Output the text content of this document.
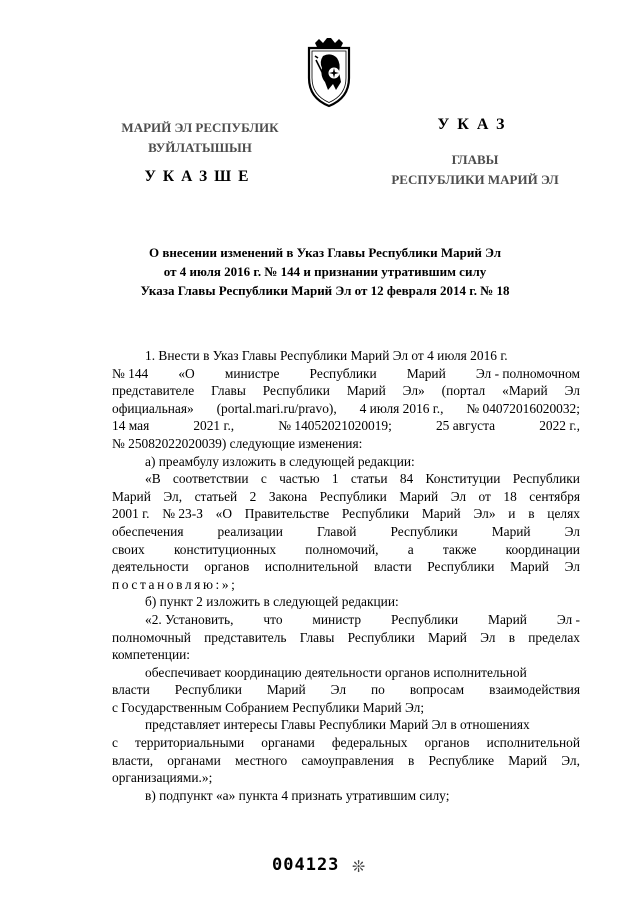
МАРИЙ ЭЛ РЕСПУБЛИК
ВУЙЛАТЫШЫН
УКАЗШЕ
УКАЗ
ГЛАВЫ
РЕСПУБЛИКИ МАРИЙ ЭЛ
О внесении изменений в Указ Главы Республики Марий Эл
от 4 июля 2016 г. № 144 и признании утратившим силу
Указа Главы Республики Марий Эл от 12 февраля 2014 г. № 18
1. Внести в Указ Главы Республики Марий Эл от 4 июля 2016 г.
№ 144 «О министре Республики Марий Эл - полномочном
представителе Главы Республики Марий Эл» (портал «Марий Эл
официальная» (portal.mari.ru/pravo), 4 июля 2016 г., № 04072016020032;
14 мая	2021 г.,	№ 14052021020019;	25 августа	2022 г.,
№ 25082022020039) следующие изменения:
а) преамбулу изложить в следующей редакции:
«В соответствии с частью 1 статьи 84 Конституции Республики
Марий Эл, статьей 2 Закона Республики Марий Эл от 18 сентября
2001 г. № 23-З «О Правительстве Республики Марий Эл» и в целях
обеспечения	реализации	Главой	Республики	Марий	Эл
своих конституционных полномочий, а также координации
деятельности органов исполнительной власти Республики Марий Эл
постановляю:»;
б) пункт 2 изложить в следующей редакции:
«2. Установить, что министр Республики Марий Эл -
полномочный представитель Главы Республики Марий Эл в пределах
компетенции:
обеспечивает координацию деятельности органов исполнительной
власти Республики Марий Эл по вопросам взаимодействия
с Государственным Собранием Республики Марий Эл;
представляет интересы Главы Республики Марий Эл в отношениях
с территориальными органами федеральных органов исполнительной
власти, органами местного самоуправления в Республике Марий Эл,
организациями.»;
в) подпункт «а» пункта 4 признать утратившим силу;
004123 ❊
